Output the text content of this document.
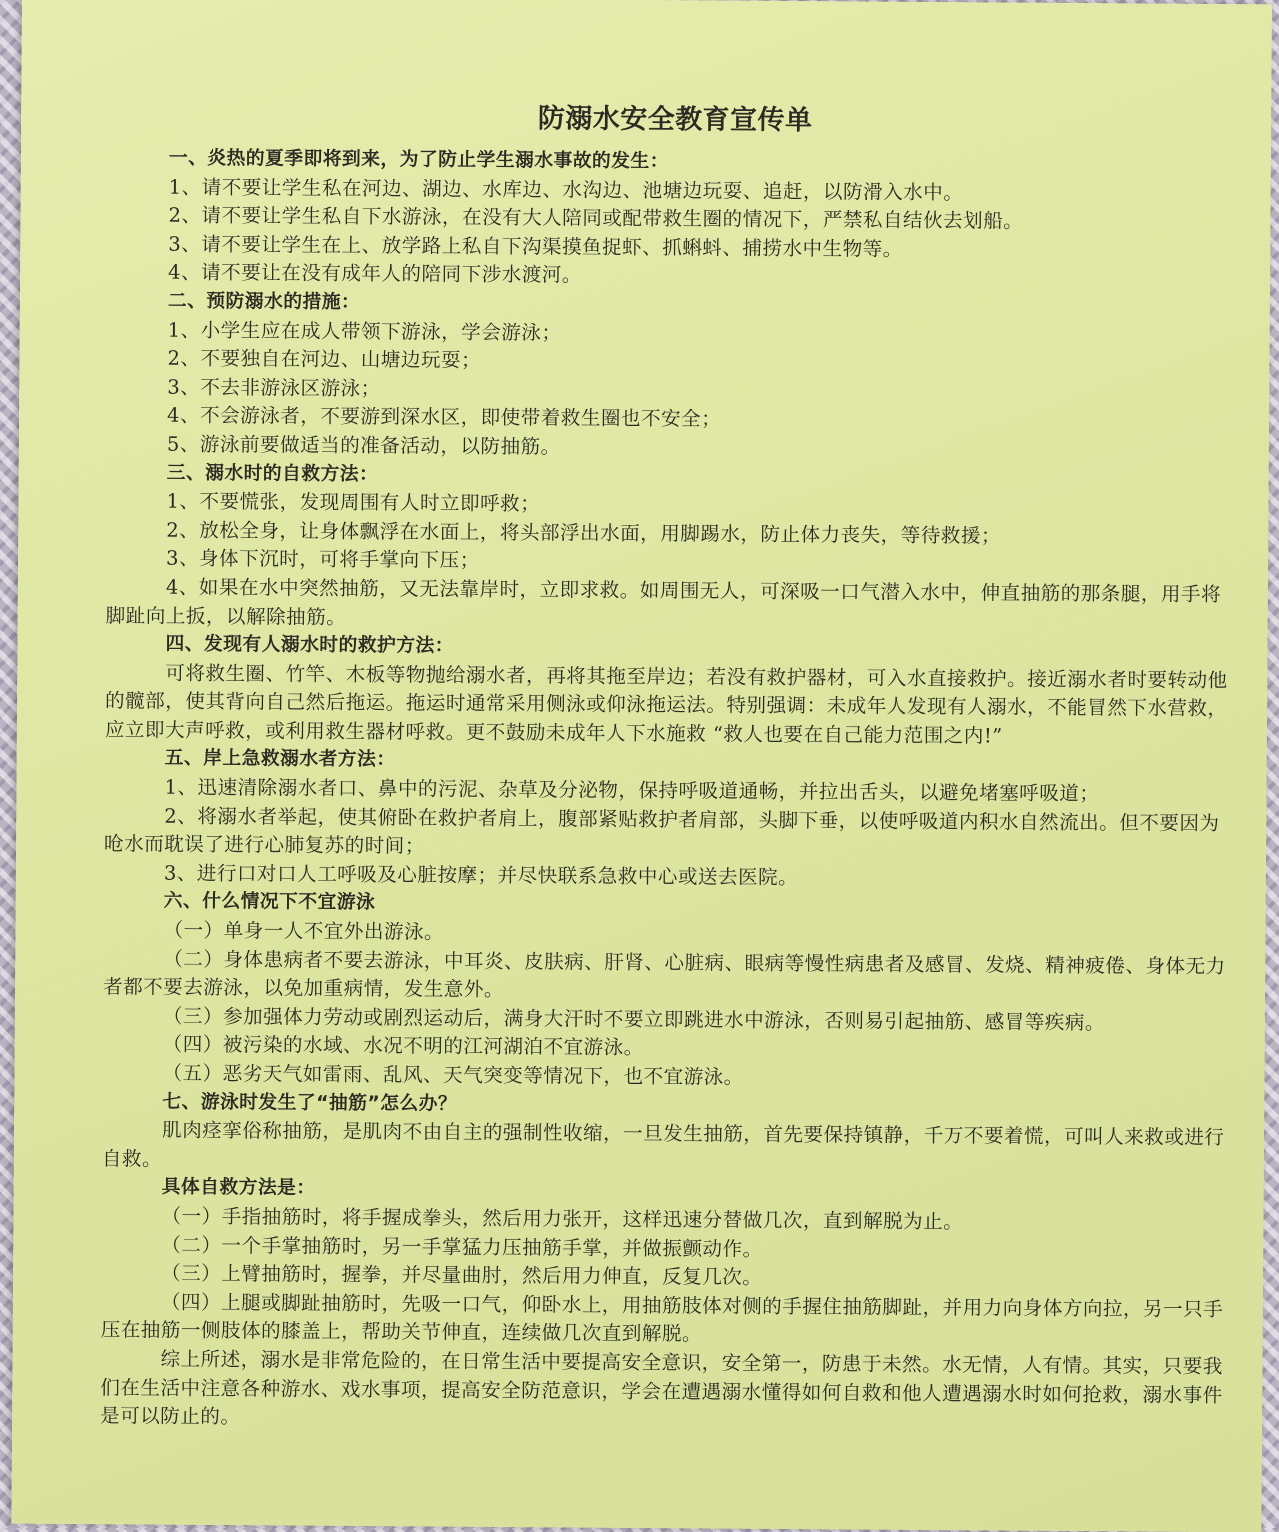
防溺水安全教育宣传单
一、炎热的夏季即将到来，为了防止学生溺水事故的发生：
1、请不要让学生私在河边、湖边、水库边、水沟边、池塘边玩耍、追赶，以防滑入水中。
2、请不要让学生私自下水游泳，在没有大人陪同或配带救生圈的情况下，严禁私自结伙去划船。
3、请不要让学生在上、放学路上私自下沟渠摸鱼捉虾、抓蝌蚪、捕捞水中生物等。
4、请不要让在没有成年人的陪同下涉水渡河。
二、预防溺水的措施：
1、小学生应在成人带领下游泳，学会游泳；
2、不要独自在河边、山塘边玩耍；
3、不去非游泳区游泳；
4、不会游泳者，不要游到深水区，即使带着救生圈也不安全；
5、游泳前要做适当的准备活动，以防抽筋。
三、溺水时的自救方法：
1、不要慌张，发现周围有人时立即呼救；
2、放松全身，让身体飘浮在水面上，将头部浮出水面，用脚踢水，防止体力丧失，等待救援；
3、身体下沉时，可将手掌向下压；
4、如果在水中突然抽筋，又无法靠岸时，立即求救。如周围无人，可深吸一口气潜入水中，伸直抽筋的那条腿，用手将脚趾向上扳，以解除抽筋。
四、发现有人溺水时的救护方法：
可将救生圈、竹竿、木板等物抛给溺水者，再将其拖至岸边；若没有救护器材，可入水直接救护。接近溺水者时要转动他的髋部，使其背向自己然后拖运。拖运时通常采用侧泳或仰泳拖运法。特别强调：未成年人发现有人溺水，不能冒然下水营救，应立即大声呼救，或利用救生器材呼救。更不鼓励未成年人下水施救 “救人也要在自己能力范围之内!”
五、岸上急救溺水者方法：
1、迅速清除溺水者口、鼻中的污泥、杂草及分泌物，保持呼吸道通畅，并拉出舌头，以避免堵塞呼吸道；
2、将溺水者举起，使其俯卧在救护者肩上，腹部紧贴救护者肩部，头脚下垂，以使呼吸道内积水自然流出。但不要因为呛水而耽误了进行心肺复苏的时间；
3、进行口对口人工呼吸及心脏按摩；并尽快联系急救中心或送去医院。
六、什么情况下不宜游泳
（一）单身一人不宜外出游泳。
（二）身体患病者不要去游泳，中耳炎、皮肤病、肝肾、心脏病、眼病等慢性病患者及感冒、发烧、精神疲倦、身体无力者都不要去游泳，以免加重病情，发生意外。
（三）参加强体力劳动或剧烈运动后，满身大汗时不要立即跳进水中游泳，否则易引起抽筋、感冒等疾病。
（四）被污染的水域、水况不明的江河湖泊不宜游泳。
（五）恶劣天气如雷雨、乱风、天气突变等情况下，也不宜游泳。
七、游泳时发生了“抽筋”怎么办？
肌肉痉挛俗称抽筋，是肌肉不由自主的强制性收缩，一旦发生抽筋，首先要保持镇静，千万不要着慌，可叫人来救或进行自救。
具体自救方法是：
（一）手指抽筋时，将手握成拳头，然后用力张开，这样迅速分替做几次，直到解脱为止。
（二）一个手掌抽筋时，另一手掌猛力压抽筋手掌，并做振颤动作。
（三）上臂抽筋时，握拳，并尽量曲肘，然后用力伸直，反复几次。
（四）上腿或脚趾抽筋时，先吸一口气，仰卧水上，用抽筋肢体对侧的手握住抽筋脚趾，并用力向身体方向拉，另一只手压在抽筋一侧肢体的膝盖上，帮助关节伸直，连续做几次直到解脱。
综上所述，溺水是非常危险的，在日常生活中要提高安全意识，安全第一，防患于未然。水无情，人有情。其实，只要我们在生活中注意各种游水、戏水事项，提高安全防范意识，学会在遭遇溺水懂得如何自救和他人遭遇溺水时如何抢救，溺水事件是可以防止的。
